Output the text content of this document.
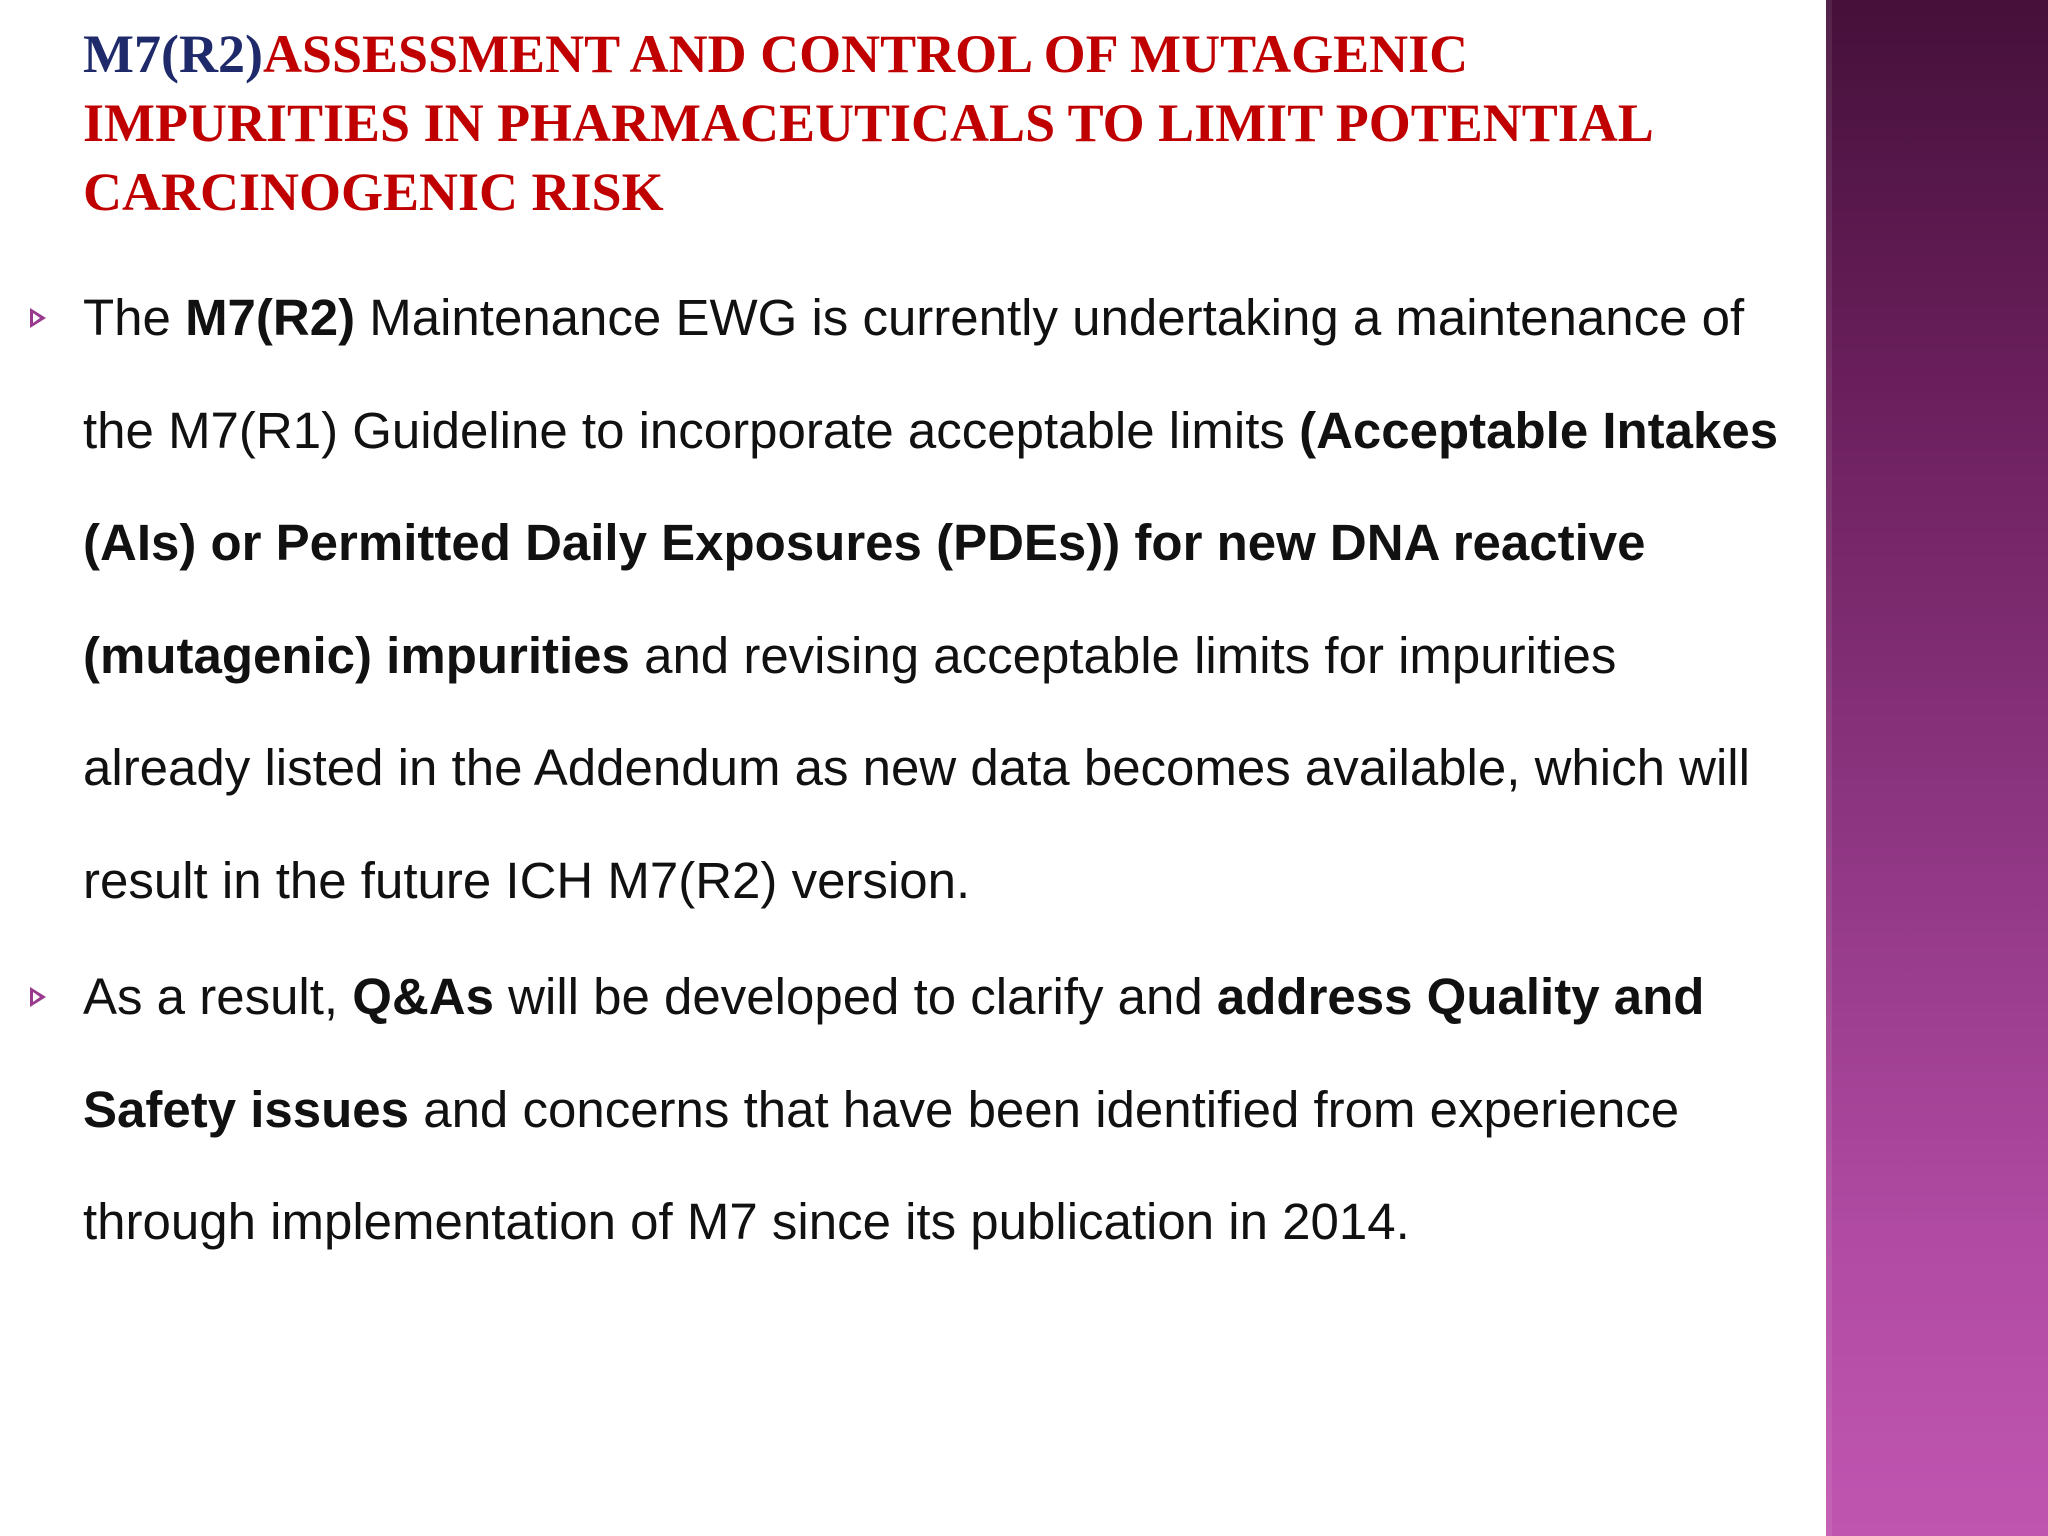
M7(R2)ASSESSMENT AND CONTROL OF MUTAGENIC IMPURITIES IN PHARMACEUTICALS TO LIMIT POTENTIAL CARCINOGENIC RISK
The M7(R2) Maintenance EWG is currently undertaking a maintenance of the M7(R1) Guideline to incorporate acceptable limits (Acceptable Intakes (AIs) or Permitted Daily Exposures (PDEs)) for new DNA reactive (mutagenic) impurities and revising acceptable limits for impurities already listed in the Addendum as new data becomes available, which will result in the future ICH M7(R2) version.
As a result, Q&As will be developed to clarify and address Quality and Safety issues and concerns that have been identified from experience through implementation of M7 since its publication in 2014.
